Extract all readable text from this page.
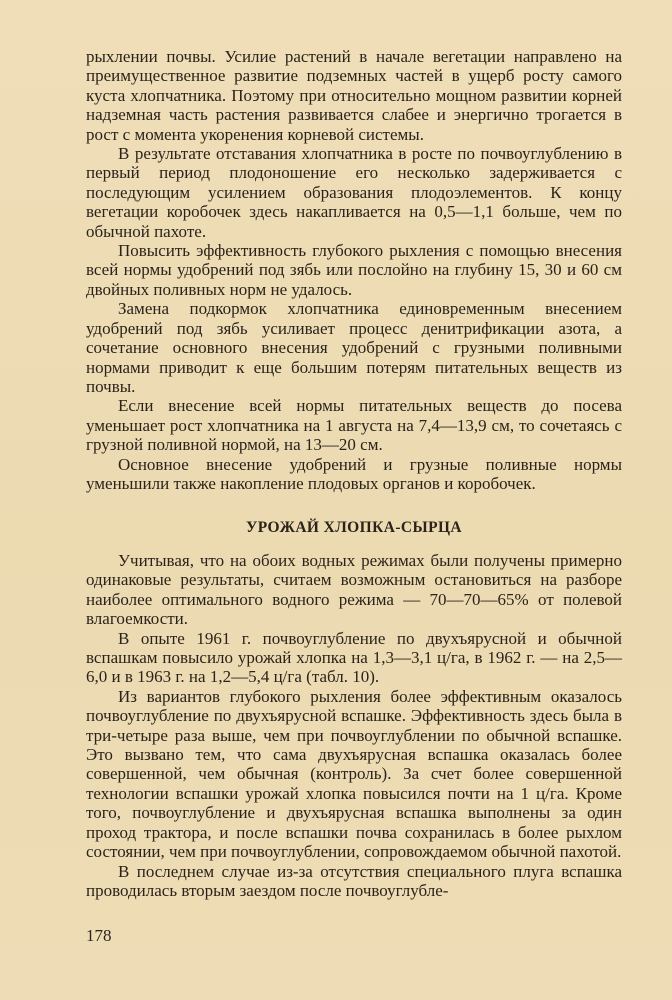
рыхлении почвы. Усилие растений в начале вегетации направлено на преимущественное развитие подземных частей в ущерб росту самого куста хлопчатника. Поэтому при относительно мощном развитии корней надземная часть растения развивается слабее и энергично трогается в рост с момента укоренения корневой системы.

В результате отставания хлопчатника в росте по почвоуглублению в первый период плодоношение его несколько задерживается с последующим усилением образования плодоэлементов. К концу вегетации коробочек здесь накапливается на 0,5—1,1 больше, чем по обычной пахоте.

Повысить эффективность глубокого рыхления с помощью внесения всей нормы удобрений под зябь или послойно на глубину 15, 30 и 60 см двойных поливных норм не удалось.

Замена подкормок хлопчатника единовременным внесением удобрений под зябь усиливает процесс денитрификации азота, а сочетание основного внесения удобрений с грузными поливными нормами приводит к еще большим потерям питательных веществ из почвы.

Если внесение всей нормы питательных веществ до посева уменьшает рост хлопчатника на 1 августа на 7,4—13,9 см, то сочетаясь с грузной поливной нормой, на 13—20 см.

Основное внесение удобрений и грузные поливные нормы уменьшили также накопление плодовых органов и коробочек.

УРОЖАЙ ХЛОПКА-СЫРЦА

Учитывая, что на обоих водных режимах были получены примерно одинаковые результаты, считаем возможным остановиться на разборе наиболее оптимального водного режима — 70—70—65% от полевой влагоемкости.

В опыте 1961 г. почвоуглубление по двухъярусной и обычной вспашкам повысило урожай хлопка на 1,3—3,1 ц/га, в 1962 г. — на 2,5—6,0 и в 1963 г. на 1,2—5,4 ц/га (табл. 10).

Из вариантов глубокого рыхления более эффективным оказалось почвоуглубление по двухъярусной вспашке. Эффективность здесь была в три-четыре раза выше, чем при почвоуглублении по обычной вспашке. Это вызвано тем, что сама двухъярусная вспашка оказалась более совершенной, чем обычная (контроль). За счет более совершенной технологии вспашки урожай хлопка повысился почти на 1 ц/га. Кроме того, почвоуглубление и двухъярусная вспашка выполнены за один проход трактора, и после вспашки почва сохранилась в более рыхлом состоянии, чем при почвоуглублении, сопровождаемом обычной пахотой.

В последнем случае из-за отсутствия специального плуга вспашка проводилась вторым заездом после почвоуглубле-

178
